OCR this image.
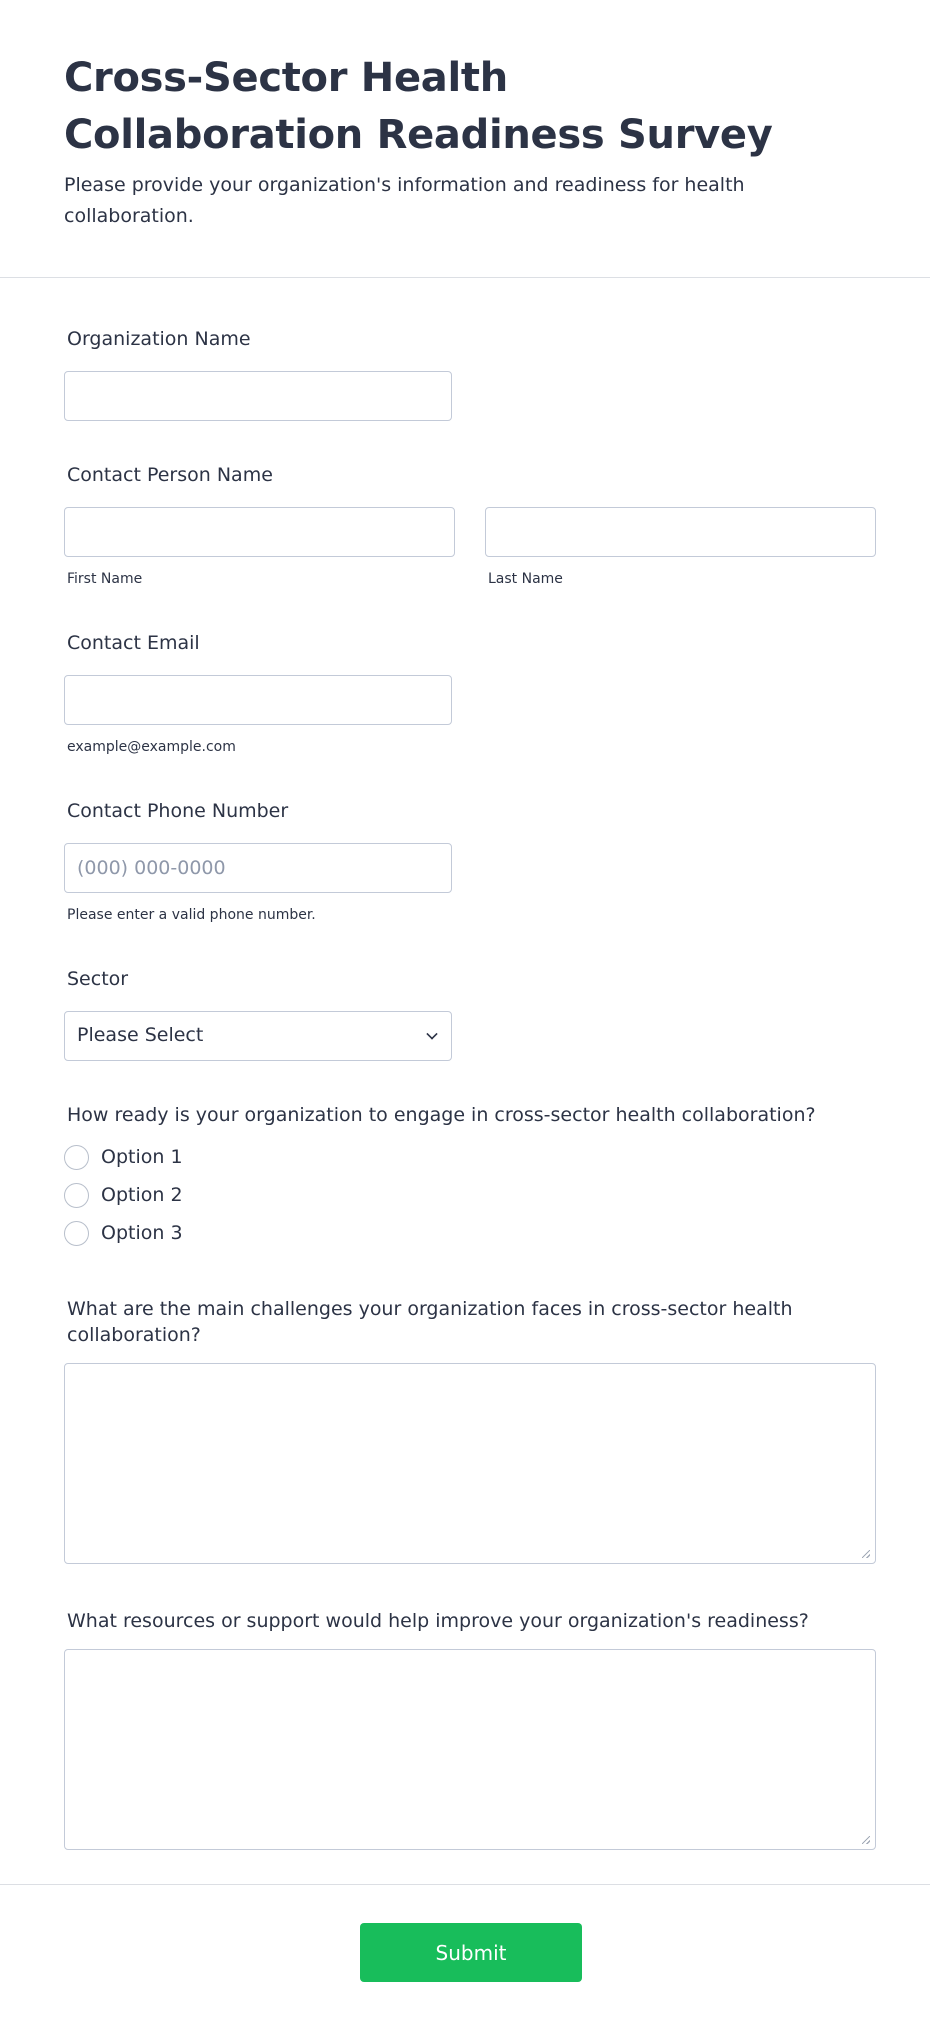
Cross-Sector Health Collaboration Readiness Survey

Please provide your organization's information and readiness for health collaboration.

Organization Name
Contact Person Name
First Name	Last Name
Contact Email
example@example.com
Contact Phone Number
(000) 000-0000
Please enter a valid phone number.
Sector
Please Select
How ready is your organization to engage in cross-sector health collaboration?
Option 1
Option 2
Option 3
What are the main challenges your organization faces in cross-sector health collaboration?
What resources or support would help improve your organization's readiness?
Submit
